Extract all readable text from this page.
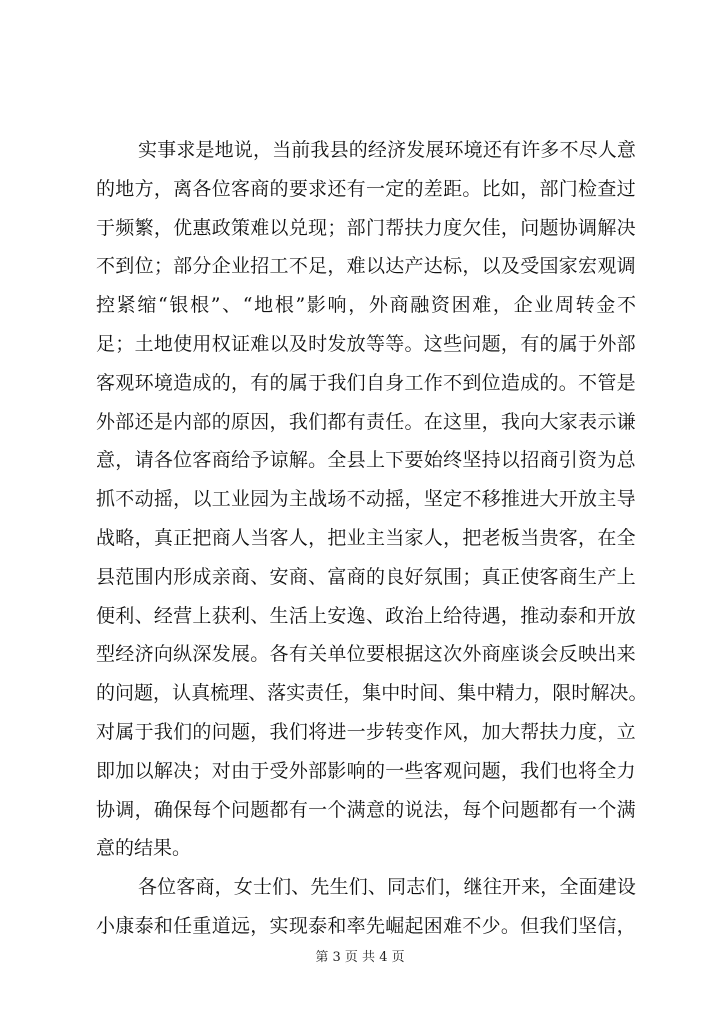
实 事 求 是 地 说 ， 当 前 我 县 的 经 济 发 展 环 境 还 有 许 多 不 尽 人 意
的 地 方 ， 离 各 位 客 商 的 要 求 还 有 一 定 的 差 距 。 比 如 ， 部 门 检 查 过
于 频 繁 ， 优 惠 政 策 难 以 兑 现 ； 部 门 帮 扶 力 度 欠 佳 ， 问 题 协 调 解 决
不 到 位 ； 部 分 企 业 招 工 不 足 ， 难 以 达 产 达 标 ， 以 及 受 国 家 宏 观 调
控 紧 缩 “ 银 根 ” 、 “ 地 根 ” 影 响 ， 外 商 融 资 困 难 ， 企 业 周 转 金 不
足 ； 土 地 使 用 权 证 难 以 及 时 发 放 等 等 。 这 些 问 题 ， 有 的 属 于 外 部
客 观 环 境 造 成 的 ， 有 的 属 于 我 们 自 身 工 作 不 到 位 造 成 的 。 不 管 是
外 部 还 是 内 部 的 原 因 ， 我 们 都 有 责 任 。 在 这 里 ， 我 向 大 家 表 示 谦
意 ， 请 各 位 客 商 给 予 谅 解 。 全 县 上 下 要 始 终 坚 持 以 招 商 引 资 为 总
抓 不 动 摇 ， 以 工 业 园 为 主 战 场 不 动 摇 ， 坚 定 不 移 推 进 大 开 放 主 导
战 略 ， 真 正 把 商 人 当 客 人 ， 把 业 主 当 家 人 ， 把 老 板 当 贵 客 ， 在 全
县 范 围 内 形 成 亲 商 、 安 商 、 富 商 的 良 好 氛 围 ； 真 正 使 客 商 生 产 上
便 利 、 经 营 上 获 利 、 生 活 上 安 逸 、 政 治 上 给 待 遇 ， 推 动 泰 和 开 放
型 经 济 向 纵 深 发 展 。 各 有 关 单 位 要 根 据 这 次 外 商 座 谈 会 反 映 出 来
的 问 题 ， 认 真 梳 理 、 落 实 责 任 ， 集 中 时 间 、 集 中 精 力 ， 限 时 解 决 。
对 属 于 我 们 的 问 题 ， 我 们 将 进 一 步 转 变 作 风 ， 加 大 帮 扶 力 度 ， 立
即 加 以 解 决 ； 对 由 于 受 外 部 影 响 的 一 些 客 观 问 题 ， 我 们 也 将 全 力
协 调 ， 确 保 每 个 问 题 都 有 一 个 满 意 的 说 法 ， 每 个 问 题 都 有 一 个 满
意的结果。
各 位 客 商 ， 女 士 们 、 先 生 们 、 同 志 们 ， 继 往 开 来 ， 全 面 建 设
小 康 泰 和 任 重 道 远 ， 实 现 泰 和 率 先 崛 起 困 难 不 少 。 但 我 们 坚 信 ，
第 3 页 共 4 页
